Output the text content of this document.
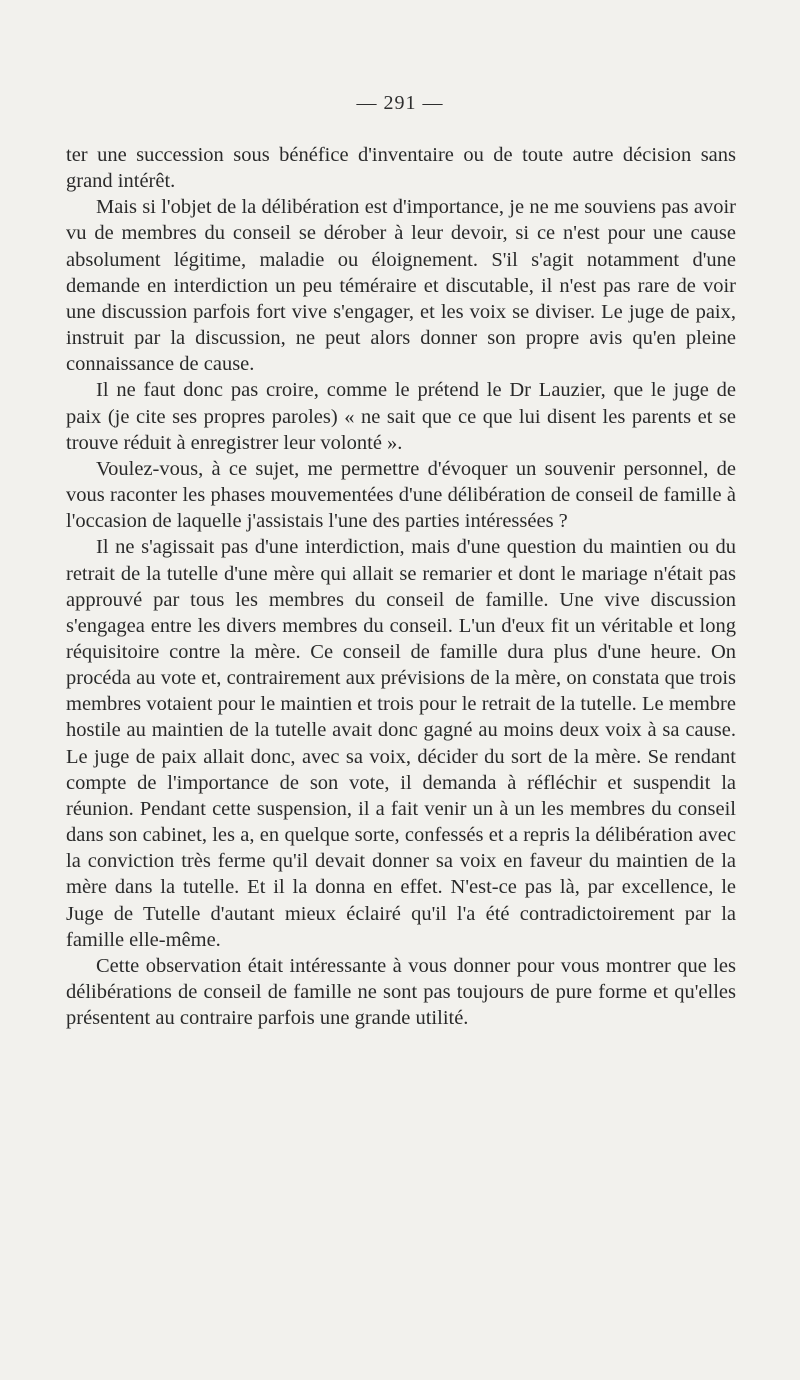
— 291 —

ter une succession sous bénéfice d'inventaire ou de toute autre décision sans grand intérêt.

Mais si l'objet de la délibération est d'importance, je ne me souviens pas avoir vu de membres du conseil se dérober à leur devoir, si ce n'est pour une cause absolument légitime, maladie ou éloignement. S'il s'agit notamment d'une demande en interdiction un peu téméraire et discutable, il n'est pas rare de voir une discussion parfois fort vive s'engager, et les voix se diviser. Le juge de paix, instruit par la discussion, ne peut alors donner son propre avis qu'en pleine connaissance de cause.

Il ne faut donc pas croire, comme le prétend le Dr Lauzier, que le juge de paix (je cite ses propres paroles) « ne sait que ce que lui disent les parents et se trouve réduit à enregistrer leur volonté ».

Voulez-vous, à ce sujet, me permettre d'évoquer un souvenir personnel, de vous raconter les phases mouvementées d'une délibération de conseil de famille à l'occasion de laquelle j'assistais l'une des parties intéressées ?

Il ne s'agissait pas d'une interdiction, mais d'une question du maintien ou du retrait de la tutelle d'une mère qui allait se remarier et dont le mariage n'était pas approuvé par tous les membres du conseil de famille. Une vive discussion s'engagea entre les divers membres du conseil. L'un d'eux fit un véritable et long réquisitoire contre la mère. Ce conseil de famille dura plus d'une heure. On procéda au vote et, contrairement aux prévisions de la mère, on constata que trois membres votaient pour le maintien et trois pour le retrait de la tutelle. Le membre hostile au maintien de la tutelle avait donc gagné au moins deux voix à sa cause. Le juge de paix allait donc, avec sa voix, décider du sort de la mère. Se rendant compte de l'importance de son vote, il demanda à réfléchir et suspendit la réunion. Pendant cette suspension, il a fait venir un à un les membres du conseil dans son cabinet, les a, en quelque sorte, confessés et a repris la délibération avec la conviction très ferme qu'il devait donner sa voix en faveur du maintien de la mère dans la tutelle. Et il la donna en effet. N'est-ce pas là, par excellence, le Juge de Tutelle d'autant mieux éclairé qu'il l'a été contradictoirement par la famille elle-même.

Cette observation était intéressante à vous donner pour vous montrer que les délibérations de conseil de famille ne sont pas toujours de pure forme et qu'elles présentent au contraire parfois une grande utilité.
